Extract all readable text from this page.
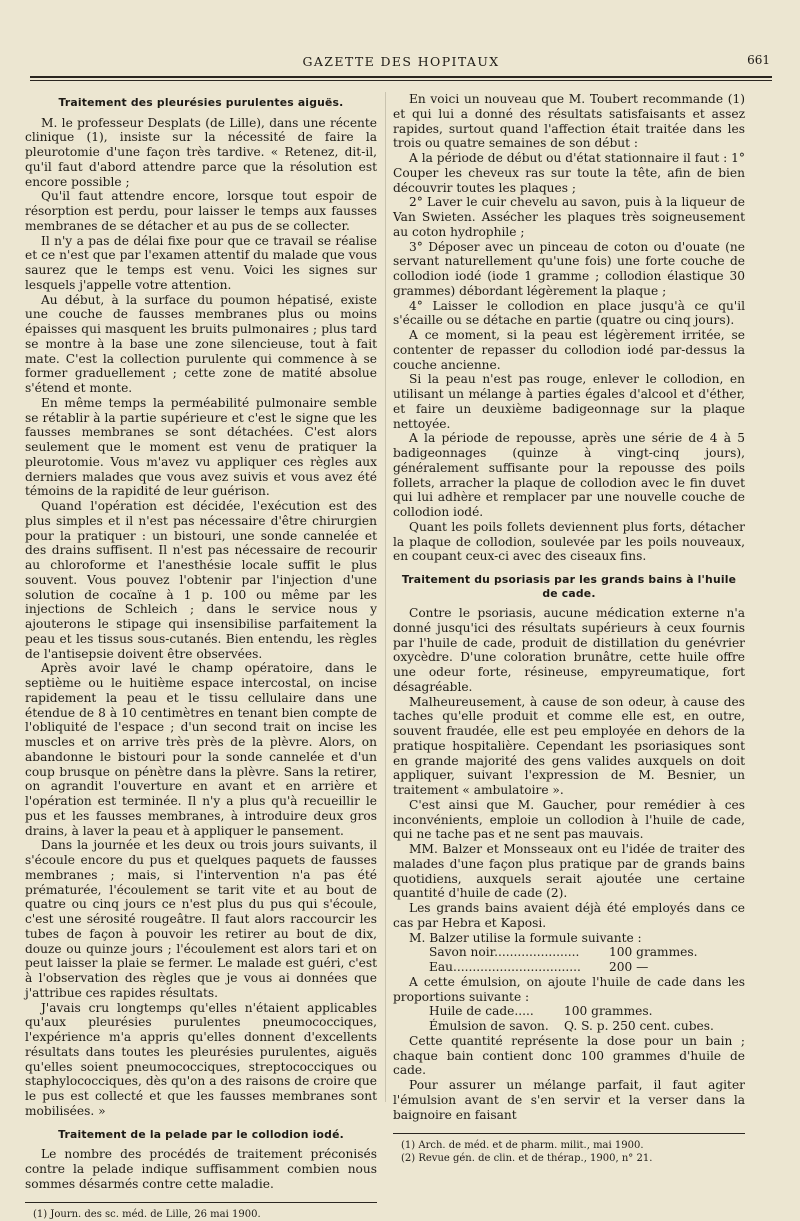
GAZETTE DES HOPITAUX	661
Traitement des pleurésies purulentes aiguës.

M. le professeur Desplats (de Lille), dans une récente clinique (1), insiste sur la nécessité de faire la pleurotomie d'une façon très tardive. « Retenez, dit-il, qu'il faut d'abord attendre parce que la résolution est encore possible ;

Qu'il faut attendre encore, lorsque tout espoir de résorption est perdu, pour laisser le temps aux fausses membranes de se détacher et au pus de se collecter.

Il n'y a pas de délai fixe pour que ce travail se réalise et ce n'est que par l'examen attentif du malade que vous saurez que le temps est venu. Voici les signes sur lesquels j'appelle votre attention.

Au début, à la surface du poumon hépatisé, existe une couche de fausses membranes plus ou moins épaisses qui masquent les bruits pulmonaires ; plus tard se montre à la base une zone silencieuse, tout à fait mate. C'est la collection purulente qui commence à se former graduellement ; cette zone de matité absolue s'étend et monte.

En même temps la perméabilité pulmonaire semble se rétablir à la partie supérieure et c'est le signe que les fausses membranes se sont détachées. C'est alors seulement que le moment est venu de pratiquer la pleurotomie. Vous m'avez vu appliquer ces règles aux derniers malades que vous avez suivis et vous avez été témoins de la rapidité de leur guérison.

Quand l'opération est décidée, l'exécution est des plus simples et il n'est pas nécessaire d'être chirurgien pour la pratiquer : un bistouri, une sonde cannelée et des drains suffisent. Il n'est pas nécessaire de recourir au chloroforme et l'anesthésie locale suffit le plus souvent. Vous pouvez l'obtenir par l'injection d'une solution de cocaïne à 1 p. 100 ou même par les injections de Schleich ; dans le service nous y ajouterons le stipage qui insensibilise parfaitement la peau et les tissus sous-cutanés. Bien entendu, les règles de l'antisepsie doivent être observées.

Après avoir lavé le champ opératoire, dans le septième ou le huitième espace intercostal, on incise rapidement la peau et le tissu cellulaire dans une étendue de 8 à 10 centimètres en tenant bien compte de l'obliquité de l'espace ; d'un second trait on incise les muscles et on arrive très près de la plèvre. Alors, on abandonne le bistouri pour la sonde cannelée et d'un coup brusque on pénètre dans la plèvre. Sans la retirer, on agrandit l'ouverture en avant et en arrière et l'opération est terminée. Il n'y a plus qu'à recueillir le pus et les fausses membranes, à introduire deux gros drains, à laver la peau et à appliquer le pansement.

Dans la journée et les deux ou trois jours suivants, il s'écoule encore du pus et quelques paquets de fausses membranes ; mais, si l'intervention n'a pas été prématurée, l'écoulement se tarit vite et au bout de quatre ou cinq jours ce n'est plus du pus qui s'écoule, c'est une sérosité rougeâtre. Il faut alors raccourcir les tubes de façon à pouvoir les retirer au bout de dix, douze ou quinze jours ; l'écoulement est alors tari et on peut laisser la plaie se fermer. Le malade est guéri, c'est à l'observation des règles que je vous ai données que j'attribue ces rapides résultats.

J'avais cru longtemps qu'elles n'étaient applicables qu'aux pleurésies purulentes pneumococciques, l'expérience m'a appris qu'elles donnent d'excellents résultats dans toutes les pleurésies purulentes, aiguës qu'elles soient pneumococciques, streptococciques ou staphylococciques, dès qu'on a des raisons de croire que le pus est collecté et que les fausses membranes sont mobilisées. »

Traitement de la pelade par le collodion iodé.

Le nombre des procédés de traitement préconisés contre la pelade indique suffisamment combien nous sommes désarmés contre cette maladie.

(1) Journ. des sc. méd. de Lille, 26 mai 1900.

En voici un nouveau que M. Toubert recommande (1) et qui lui a donné des résultats satisfaisants et assez rapides, surtout quand l'affection était traitée dans les trois ou quatre semaines de son début :

A la période de début ou d'état stationnaire il faut : 1° Couper les cheveux ras sur toute la tête, afin de bien découvrir toutes les plaques ;

2° Laver le cuir chevelu au savon, puis à la liqueur de Van Swieten. Assécher les plaques très soigneusement au coton hydrophile ;

3° Déposer avec un pinceau de coton ou d'ouate (ne servant naturellement qu'une fois) une forte couche de collodion iodé (iode 1 gramme ; collodion élastique 30 grammes) débordant légèrement la plaque ;

4° Laisser le collodion en place jusqu'à ce qu'il s'écaille ou se détache en partie (quatre ou cinq jours).

A ce moment, si la peau est légèrement irritée, se contenter de repasser du collodion iodé par-dessus la couche ancienne.

Si la peau n'est pas rouge, enlever le collodion, en utilisant un mélange à parties égales d'alcool et d'éther, et faire un deuxième badigeonnage sur la plaque nettoyée.

A la période de repousse, après une série de 4 à 5 badigeonnages (quinze à vingt-cinq jours), généralement suffisante pour la repousse des poils follets, arracher la plaque de collodion avec le fin duvet qui lui adhère et remplacer par une nouvelle couche de collodion iodé.

Quant les poils follets deviennent plus forts, détacher la plaque de collodion, soulevée par les poils nouveaux, en coupant ceux-ci avec des ciseaux fins.

Traitement du psoriasis par les grands bains à l'huile de cade.

Contre le psoriasis, aucune médication externe n'a donné jusqu'ici des résultats supérieurs à ceux fournis par l'huile de cade, produit de distillation du genévrier oxycèdre. D'une coloration brunâtre, cette huile offre une odeur forte, résineuse, empyreumatique, fort désagréable.

Malheureusement, à cause de son odeur, à cause des taches qu'elle produit et comme elle est, en outre, souvent fraudée, elle est peu employée en dehors de la pratique hospitalière. Cependant les psoriasiques sont en grande majorité des gens valides auxquels on doit appliquer, suivant l'expression de M. Besnier, un traitement « ambulatoire ».

C'est ainsi que M. Gaucher, pour remédier à ces inconvénients, emploie un collodion à l'huile de cade, qui ne tache pas et ne sent pas mauvais.

MM. Balzer et Monsseaux ont eu l'idée de traiter des malades d'une façon plus pratique par de grands bains quotidiens, auxquels serait ajoutée une certaine quantité d'huile de cade (2).

Les grands bains avaient déjà été employés dans ce cas par Hebra et Kaposi.

M. Balzer utilise la formule suivante :

Savon noir......................	100 grammes.
Eau.................................	200 —

A cette émulsion, on ajoute l'huile de cade dans les proportions suivante :

Huile de cade.....	100 grammes.
Émulsion de savon.	Q. S. p. 250 cent. cubes.

Cette quantité représente la dose pour un bain ; chaque bain contient donc 100 grammes d'huile de cade.

Pour assurer un mélange parfait, il faut agiter l'émulsion avant de s'en servir et la verser dans la baignoire en faisant

(1) Arch. de méd. et de pharm. milit., mai 1900.

(2) Revue gén. de clin. et de thérap., 1900, n° 21.
